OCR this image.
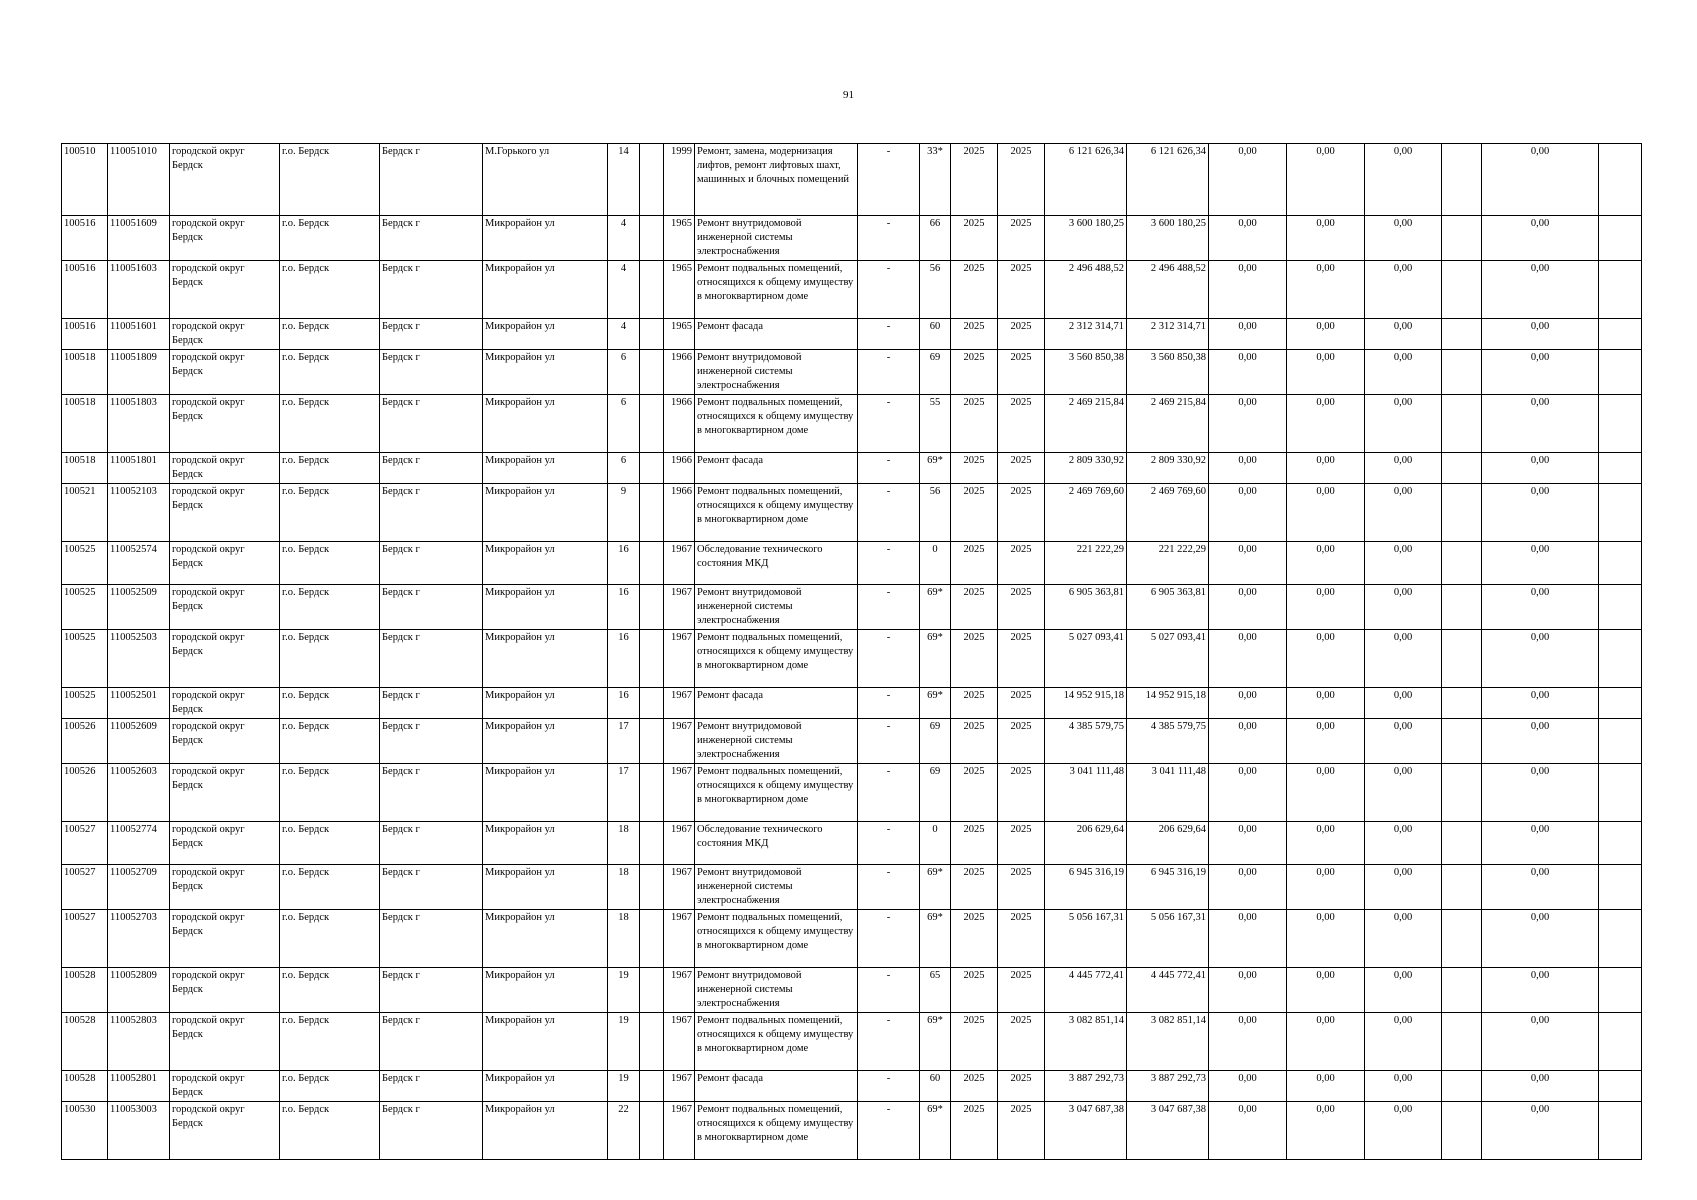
91
100510	110051010	городской округ Бердск	г.о. Бердск	Бердск г	М.Горького ул	14		1999	Ремонт, замена, модернизация лифтов, ремонт лифтовых шахт, машинных и блочных помещений	-	33*	2025	2025	6 121 626,34	6 121 626,34	0,00	0,00	0,00		0,00	
100516	110051609	городской округ Бердск	г.о. Бердск	Бердск г	Микрорайон ул	4		1965	Ремонт внутридомовой инженерной системы электроснабжения	-	66	2025	2025	3 600 180,25	3 600 180,25	0,00	0,00	0,00		0,00	
100516	110051603	городской округ Бердск	г.о. Бердск	Бердск г	Микрорайон ул	4		1965	Ремонт подвальных помещений, относящихся к общему имуществу в многоквартирном доме	-	56	2025	2025	2 496 488,52	2 496 488,52	0,00	0,00	0,00		0,00	
100516	110051601	городской округ Бердск	г.о. Бердск	Бердск г	Микрорайон ул	4		1965	Ремонт фасада	-	60	2025	2025	2 312 314,71	2 312 314,71	0,00	0,00	0,00		0,00	
100518	110051809	городской округ Бердск	г.о. Бердск	Бердск г	Микрорайон ул	6		1966	Ремонт внутридомовой инженерной системы электроснабжения	-	69	2025	2025	3 560 850,38	3 560 850,38	0,00	0,00	0,00		0,00	
100518	110051803	городской округ Бердск	г.о. Бердск	Бердск г	Микрорайон ул	6		1966	Ремонт подвальных помещений, относящихся к общему имуществу в многоквартирном доме	-	55	2025	2025	2 469 215,84	2 469 215,84	0,00	0,00	0,00		0,00	
100518	110051801	городской округ Бердск	г.о. Бердск	Бердск г	Микрорайон ул	6		1966	Ремонт фасада	-	69*	2025	2025	2 809 330,92	2 809 330,92	0,00	0,00	0,00		0,00	
100521	110052103	городской округ Бердск	г.о. Бердск	Бердск г	Микрорайон ул	9		1966	Ремонт подвальных помещений, относящихся к общему имуществу в многоквартирном доме	-	56	2025	2025	2 469 769,60	2 469 769,60	0,00	0,00	0,00		0,00	
100525	110052574	городской округ Бердск	г.о. Бердск	Бердск г	Микрорайон ул	16		1967	Обследование технического состояния МКД	-	0	2025	2025	221 222,29	221 222,29	0,00	0,00	0,00		0,00	
100525	110052509	городской округ Бердск	г.о. Бердск	Бердск г	Микрорайон ул	16		1967	Ремонт внутридомовой инженерной системы электроснабжения	-	69*	2025	2025	6 905 363,81	6 905 363,81	0,00	0,00	0,00		0,00	
100525	110052503	городской округ Бердск	г.о. Бердск	Бердск г	Микрорайон ул	16		1967	Ремонт подвальных помещений, относящихся к общему имуществу в многоквартирном доме	-	69*	2025	2025	5 027 093,41	5 027 093,41	0,00	0,00	0,00		0,00	
100525	110052501	городской округ Бердск	г.о. Бердск	Бердск г	Микрорайон ул	16		1967	Ремонт фасада	-	69*	2025	2025	14 952 915,18	14 952 915,18	0,00	0,00	0,00		0,00	
100526	110052609	городской округ Бердск	г.о. Бердск	Бердск г	Микрорайон ул	17		1967	Ремонт внутридомовой инженерной системы электроснабжения	-	69	2025	2025	4 385 579,75	4 385 579,75	0,00	0,00	0,00		0,00	
100526	110052603	городской округ Бердск	г.о. Бердск	Бердск г	Микрорайон ул	17		1967	Ремонт подвальных помещений, относящихся к общему имуществу в многоквартирном доме	-	69	2025	2025	3 041 111,48	3 041 111,48	0,00	0,00	0,00		0,00	
100527	110052774	городской округ Бердск	г.о. Бердск	Бердск г	Микрорайон ул	18		1967	Обследование технического состояния МКД	-	0	2025	2025	206 629,64	206 629,64	0,00	0,00	0,00		0,00	
100527	110052709	городской округ Бердск	г.о. Бердск	Бердск г	Микрорайон ул	18		1967	Ремонт внутридомовой инженерной системы электроснабжения	-	69*	2025	2025	6 945 316,19	6 945 316,19	0,00	0,00	0,00		0,00	
100527	110052703	городской округ Бердск	г.о. Бердск	Бердск г	Микрорайон ул	18		1967	Ремонт подвальных помещений, относящихся к общему имуществу в многоквартирном доме	-	69*	2025	2025	5 056 167,31	5 056 167,31	0,00	0,00	0,00		0,00	
100528	110052809	городской округ Бердск	г.о. Бердск	Бердск г	Микрорайон ул	19		1967	Ремонт внутридомовой инженерной системы электроснабжения	-	65	2025	2025	4 445 772,41	4 445 772,41	0,00	0,00	0,00		0,00	
100528	110052803	городской округ Бердск	г.о. Бердск	Бердск г	Микрорайон ул	19		1967	Ремонт подвальных помещений, относящихся к общему имуществу в многоквартирном доме	-	69*	2025	2025	3 082 851,14	3 082 851,14	0,00	0,00	0,00		0,00	
100528	110052801	городской округ Бердск	г.о. Бердск	Бердск г	Микрорайон ул	19		1967	Ремонт фасада	-	60	2025	2025	3 887 292,73	3 887 292,73	0,00	0,00	0,00		0,00	
100530	110053003	городской округ Бердск	г.о. Бердск	Бердск г	Микрорайон ул	22		1967	Ремонт подвальных помещений, относящихся к общему имуществу в многоквартирном доме	-	69*	2025	2025	3 047 687,38	3 047 687,38	0,00	0,00	0,00		0,00	
